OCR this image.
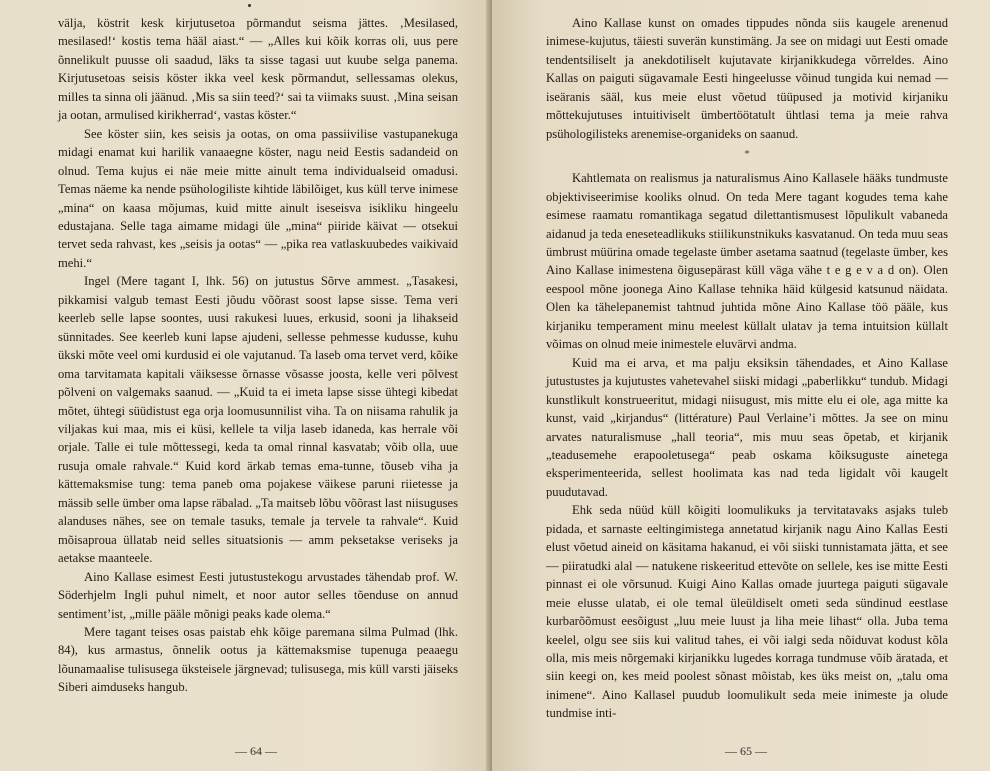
välja, köstrit kesk kirjutusetoa põrmandut seisma jättes. ‚Mesilased, mesilased!‘ kostis tema hääl aiast.“ — „Alles kui kõik korras oli, uus pere õnnelikult puusse oli saadud, läks ta sisse tagasi uut kuube selga panema. Kirjutusetoas seisis köster ikka veel kesk põrmandut, sellessamas olekus, milles ta sinna oli jäänud. ‚Mis sa siin teed?‘ sai ta viimaks suust. ‚Mina seisan ja ootan, armulised kirikherrad‘, vastas köster.“

See köster siin, kes seisis ja ootas, on oma passiivilise vastupanekuga midagi enamat kui harilik vanaaegne köster, nagu neid Eestis sadandeid on olnud. Tema kujus ei näe meie mitte ainult tema individualseid omadusi. Temas näeme ka nende psühologiliste kihtide läbilõiget, kus küll terve inimese „mina“ on kaasa mõjumas, kuid mitte ainult iseseisva isikliku hingeelu edustajana. Selle taga aimame midagi üle „mina“ piiride käivat — otsekui tervet seda rahvast, kes „seisis ja ootas“ — „pika rea vatlaskuubedes vaikivaid mehi.“

Ingel (Mere tagant I, lhk. 56) on jutustus Sõrve ammest. „Tasakesi, pikkamisi valgub temast Eesti jõudu võõrast soost lapse sisse. Tema veri keerleb selle lapse soontes, uusi rakukesi luues, erkusid, sooni ja lihakseid sünnitades. See keerleb kuni lapse ajudeni, sellesse pehmesse kudusse, kuhu ükski mõte veel omi kurdusid ei ole vajutanud. Ta laseb oma tervet verd, kõike oma tarvitamata kapitali väiksesse õrnasse võsasse joosta, kelle veri põlvest põlveni on valgemaks saanud. — „Kuid ta ei imeta lapse sisse ühtegi kibedat mõtet, ühtegi süüdistust ega orja loomusunnilist viha. Ta on niisama rahulik ja viljakas kui maa, mis ei küsi, kellele ta vilja laseb idaneda, kas herrale või orjale. Talle ei tule mõttessegi, keda ta omal rinnal kasvatab; võib olla, uue rusuja omale rahvale.“ Kuid kord ärkab temas ema-tunne, tõuseb viha ja kättemaksmise tung: tema paneb oma pojakese väikese paruni riietesse ja mässib selle ümber oma lapse räbalad. „Ta maitseb lõbu võõrast last niisuguses alanduses nähes, see on temale tasuks, temale ja tervele ta rahvale“. Kuid mõisaproua üllatab neid selles situatsionis — amm peksetakse veriseks ja aetakse maanteele.

Aino Kallase esimest Eesti jutustustekogu arvustades tähendab prof. W. Söderhjelm Ingli puhul nimelt, et noor autor selles tõenduse on annud sentiment’ist, „mille pääle mõnigi peaks kade olema.“

Mere tagant teises osas paistab ehk kõige paremana silma Pulmad (lhk. 84), kus armastus, õnnelik ootus ja kättemaksmise tupenuga peaaegu lõunamaalise tulisusega üksteisele järgnevad; tulisusega, mis küll varsti jäiseks Siberi aimduseks hangub.

— 64 —

Aino Kallase kunst on omades tippudes nõnda siis kaugele arenenud inimese-kujutus, täiesti suverän kunstimäng. Ja see on midagi uut Eesti omade tendentsiliselt ja anekdotiliselt kujutavate kirjanikkudega võrreldes. Aino Kallas on paiguti sügavamale Eesti hingeelusse võinud tungida kui nemad — iseäranis sääl, kus meie elust võetud tüüpused ja motivid kirjaniku mõttekujutuses intuitiviselt ümbertöötatult ühtlasi tema ja meie rahva psühologilisteks arenemise-organideks on saanud.

*

Kahtlemata on realismus ja naturalismus Aino Kallasele hääks tundmuste objektiviseerimise kooliks olnud. On teda Mere tagant kogudes tema kahe esimese raamatu romantikaga segatud dilettantismusest lõpulikult vabaneda aidanud ja teda eneseteadlikuks stiilikunstnikuks kasvatanud. On teda muu seas ümbrust müürina omade tegelaste ümber asetama saatnud (tegelaste ümber, kes Aino Kallase inimestena õigusepärast küll väga vähe t e g e v a d on). Olen eespool mõne joonega Aino Kallase tehnika häid külgesid katsunud näidata. Olen ka tähelepanemist tahtnud juhtida mõne Aino Kallase töö pääle, kus kirjaniku temperament minu meelest küllalt ulatav ja tema intuitsion küllalt võimas on olnud meie inimestele eluvärvi andma.

Kuid ma ei arva, et ma palju eksiksin tähendades, et Aino Kallase jutustustes ja kujutustes vahetevahel siiski midagi „paberlikku“ tundub. Midagi kunstlikult konstrueeritut, midagi niisugust, mis mitte elu ei ole, aga mitte ka kunst, vaid „kirjandus“ (littérature) Paul Verlaine’i mõttes. Ja see on minu arvates naturalismuse „hall teoria“, mis muu seas õpetab, et kirjanik „teadusemehe erapooletusega“ peab oskama kõiksuguste ainetega eksperimenteerida, sellest hoolimata kas nad teda ligidalt või kaugelt puudutavad.

Ehk seda nüüd küll kõigiti loomulikuks ja tervitatavaks asjaks tuleb pidada, et sarnaste eeltingimistega annetatud kirjanik nagu Aino Kallas Eesti elust võetud aineid on käsitama hakanud, ei või siiski tunnistamata jätta, et see — piiratudki alal — natukene riskeeritud ettevõte on sellele, kes ise mitte Eesti pinnast ei ole võrsunud. Kuigi Aino Kallas omade juurtega paiguti sügavale meie elusse ulatab, ei ole temal üleüldiselt ometi seda sündinud eestlase kurbarõõmust eesõigust „luu meie luust ja liha meie lihast“ olla. Juba tema keelel, olgu see siis kui valitud tahes, ei või ialgi seda nõiduvat kodust kõla olla, mis meis nõrgemaki kirjanikku lugedes korraga tundmuse võib äratada, et siin keegi on, kes meid poolest sõnast mõistab, kes üks meist on, „talu oma inimene“. Aino Kallasel puudub loomulikult seda meie inimeste ja olude tundmise inti-

— 65 —
